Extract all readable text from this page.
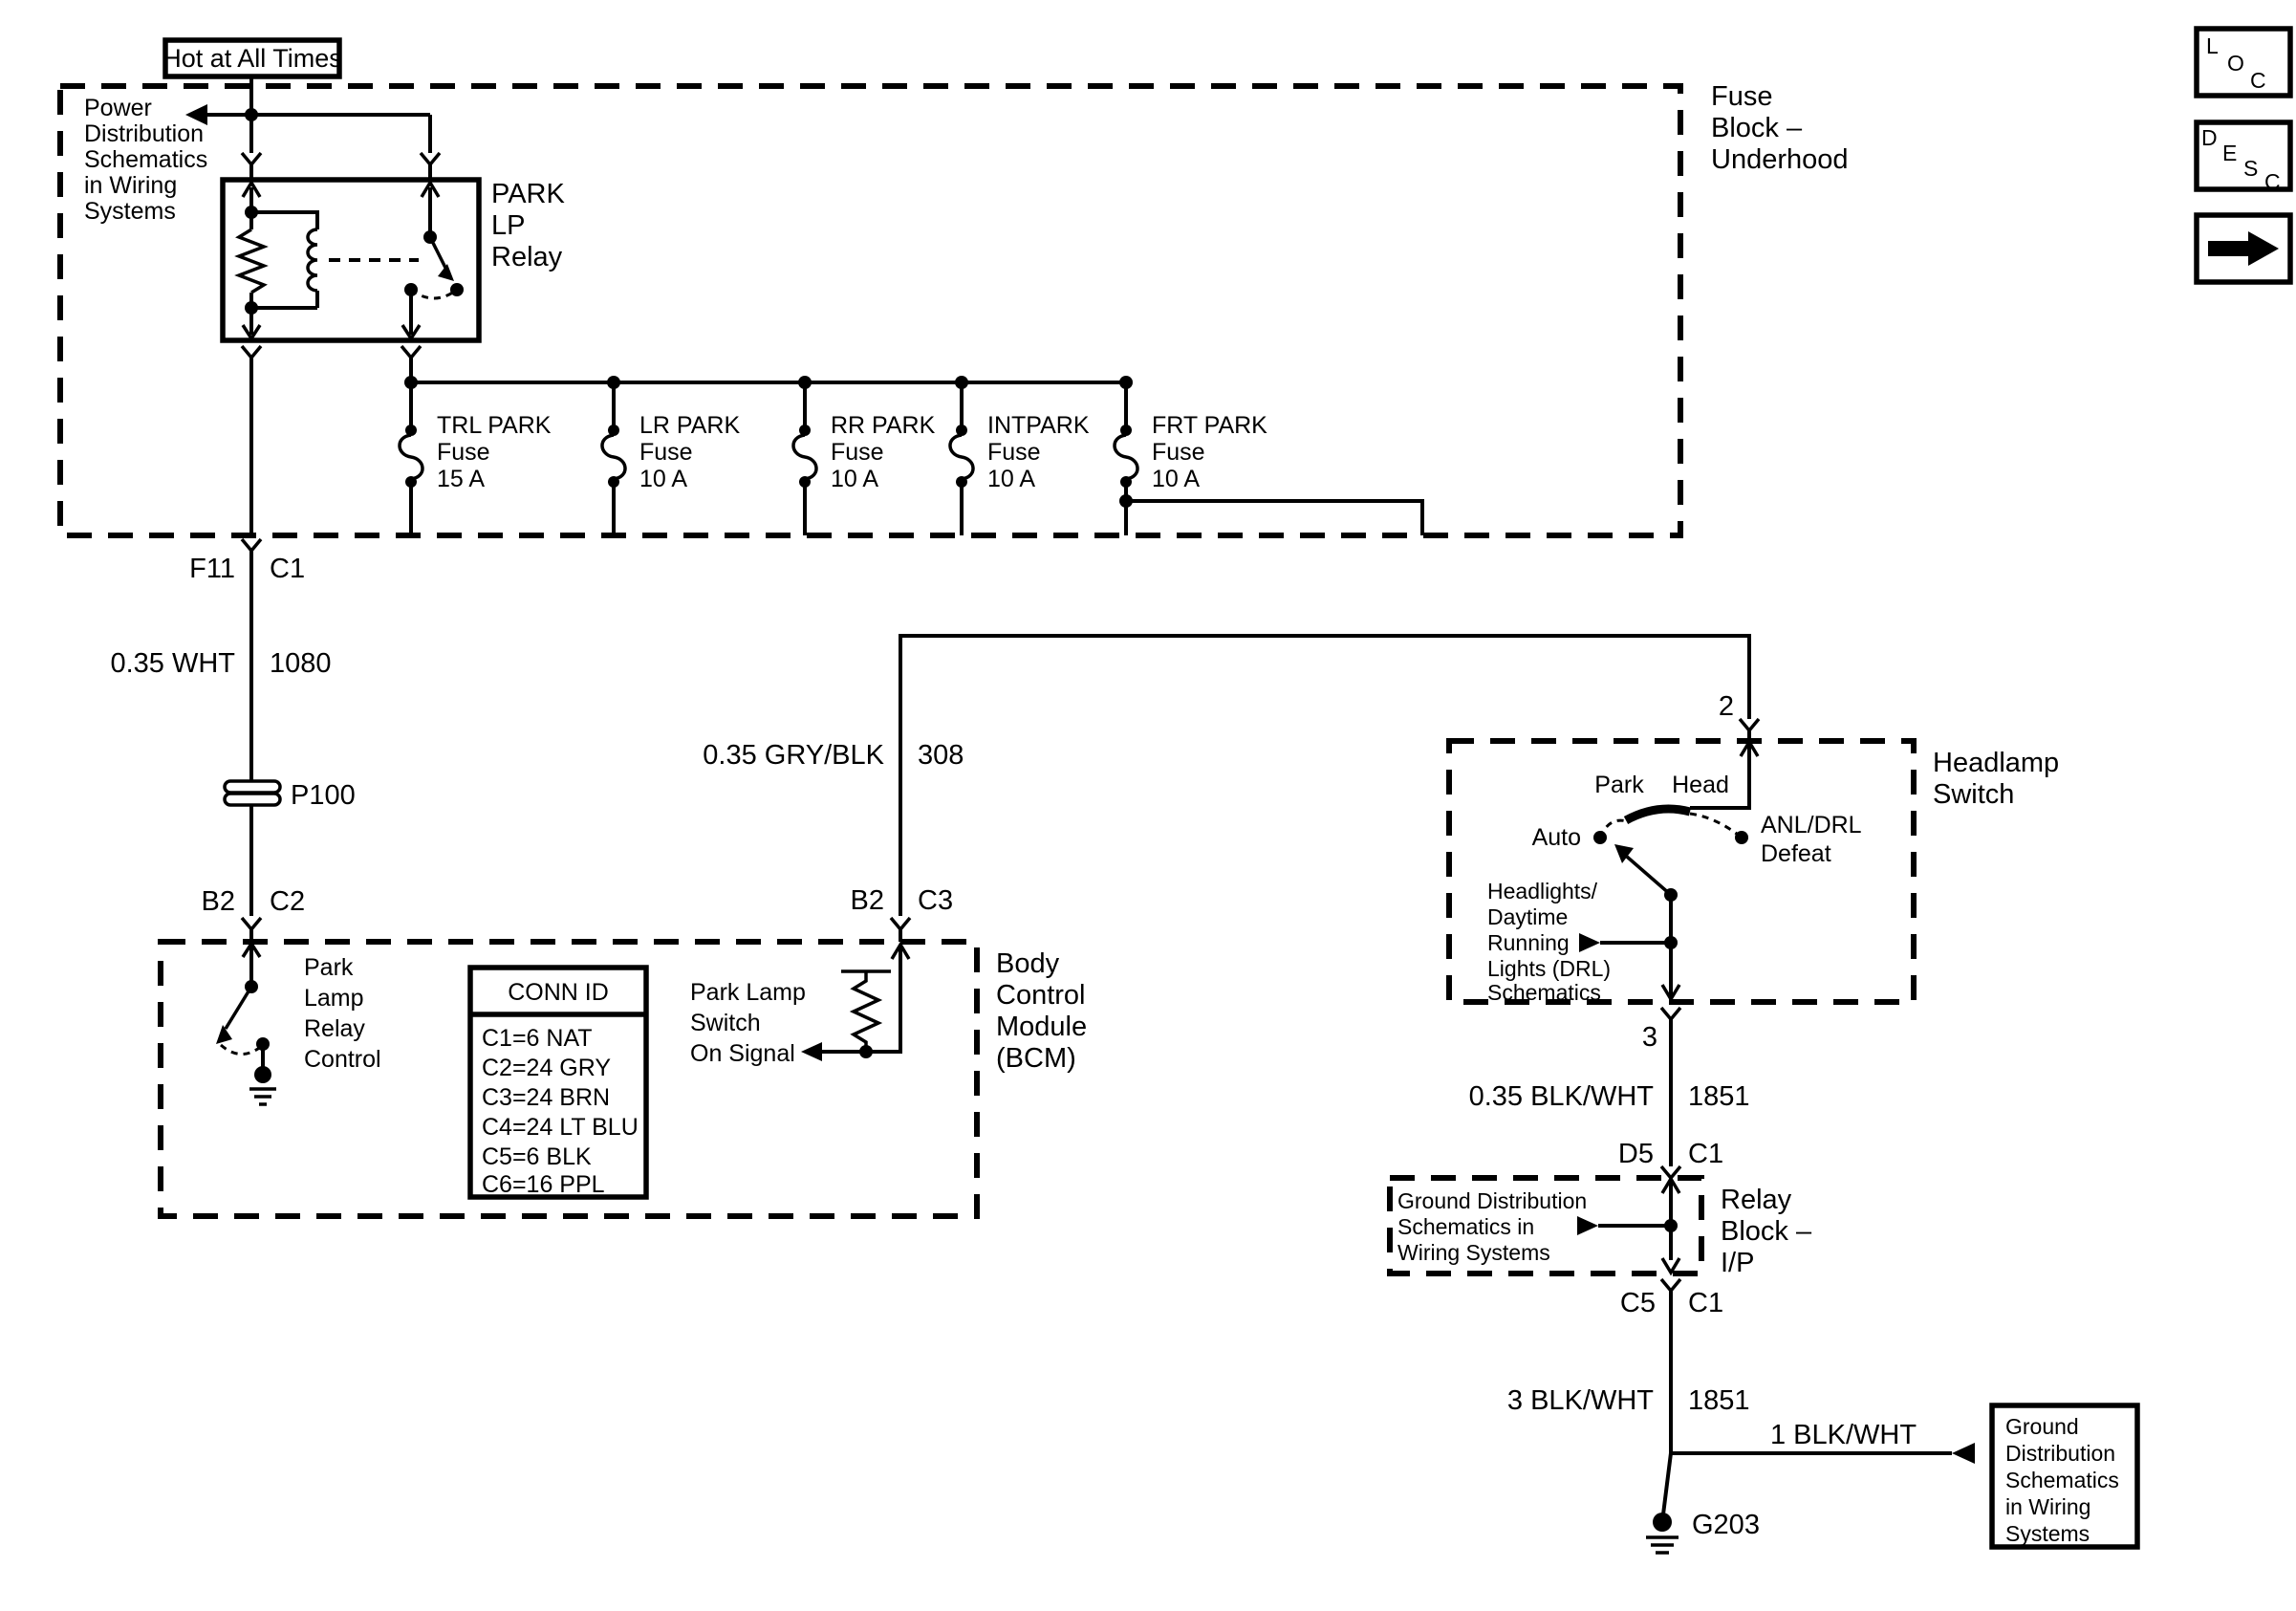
Fuse
Block –
Underhood
Hot at All Times
Power
Distribution
Schematics
in Wiring
Systems
PARK
LP
Relay
TRL PARK
Fuse
15 A
LR PARK
Fuse
10 A
RR PARK
Fuse
10 A
INTPARK
Fuse
10 A
FRT PARK
Fuse
10 A
F11 C1
0.35 WHT 1080
P100
B2 C2
Body
Control
Module
(BCM)
Park
Lamp
Relay
Control
CONN ID
C1=6 NAT
C2=24 GRY
C3=24 BRN
C4=24 LT BLU
C5=6 BLK
C6=16 PPL
Park Lamp
Switch
On Signal
B2 C3
0.35 GRY/BLK 308
2
Headlamp
Switch
Park Head
Auto	ANL/DRL
Defeat
Headlights/
Daytime
Running
Lights (DRL)
Schematics
3
0.35 BLK/WHT 1851
D5 C1
Relay
Block –
I/P
Ground Distribution
Schematics in
Wiring Systems
C5 C1
3 BLK/WHT 1851
1 BLK/WHT
G203
Ground
Distribution
Schematics
in Wiring
Systems
L
O
C
D
E
S
C
